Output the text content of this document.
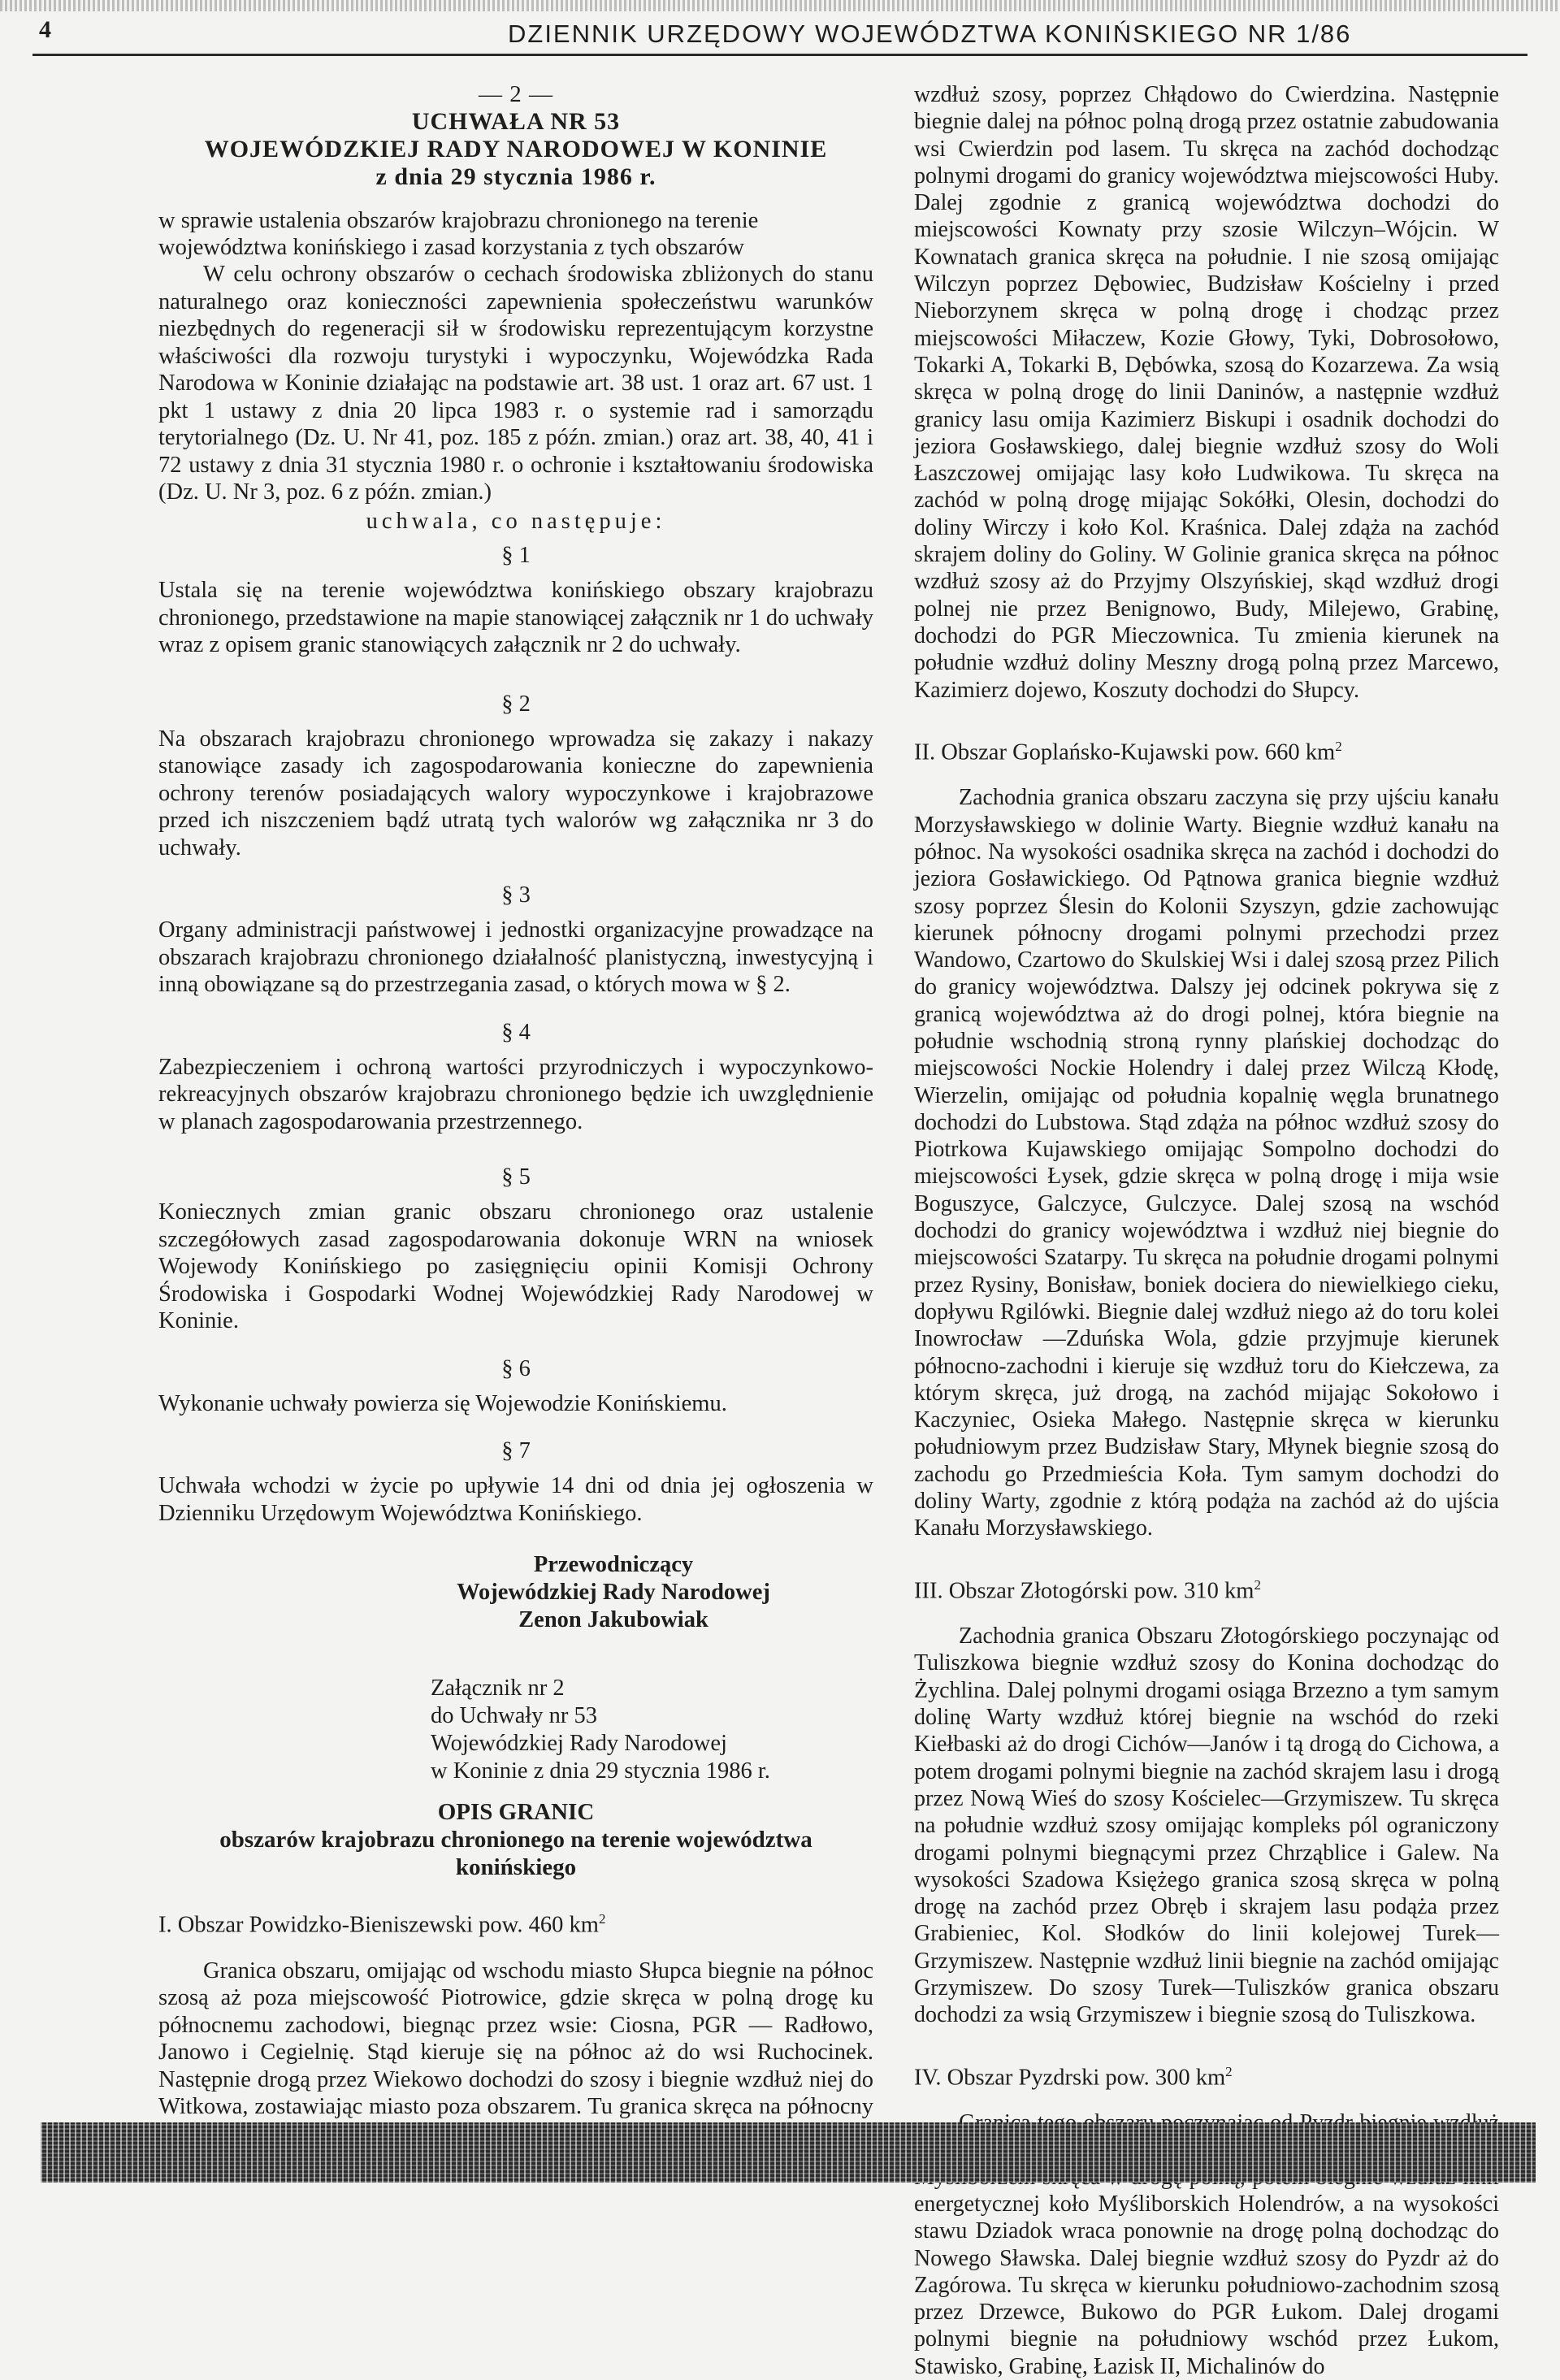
4	DZIENNIK URZĘDOWY WOJEWÓDZTWA KONIŃSKIEGO NR 1/86

— 2 —

UCHWAŁA NR 53
WOJEWÓDZKIEJ RADY NARODOWEJ W KONINIE
z dnia 29 stycznia 1986 r.

w sprawie ustalenia obszarów krajobrazu chronionego na terenie województwa konińskiego i zasad korzystania z tych obszarów

W celu ochrony obszarów o cechach środowiska zbliżonych do stanu naturalnego oraz konieczności zapewnienia społeczeństwu warunków niezbędnych do regeneracji sił w środowisku reprezentującym korzystne właściwości dla rozwoju turystyki i wypoczynku, Wojewódzka Rada Narodowa w Koninie działając na podstawie art. 38 ust. 1 oraz art. 67 ust. 1 pkt 1 ustawy z dnia 20 lipca 1983 r. o systemie rad i samorządu terytorialnego (Dz. U. Nr 41, poz. 185 z późn. zmian.) oraz art. 38, 40, 41 i 72 ustawy z dnia 31 stycznia 1980 r. o ochronie i kształtowaniu środowiska (Dz. U. Nr 3, poz. 6 z późn. zmian.)

uchwala, co następuje:

§ 1

Ustala się na terenie województwa konińskiego obszary krajobrazu chronionego, przedstawione na mapie stanowiącej załącznik nr 1 do uchwały wraz z opisem granic stanowiących załącznik nr 2 do uchwały.

§ 2

Na obszarach krajobrazu chronionego wprowadza się zakazy i nakazy stanowiące zasady ich zagospodarowania konieczne do zapewnienia ochrony terenów posiadających walory wypoczynkowe i krajobrazowe przed ich niszczeniem bądź utratą tych walorów wg załącznika nr 3 do uchwały.

§ 3

Organy administracji państwowej i jednostki organizacyjne prowadzące na obszarach krajobrazu chronionego działalność planistyczną, inwestycyjną i inną obowiązane są do przestrzegania zasad, o których mowa w § 2.

§ 4

Zabezpieczeniem i ochroną wartości przyrodniczych i wypoczynkowo-rekreacyjnych obszarów krajobrazu chronionego będzie ich uwzględnienie w planach zagospodarowania przestrzennego.

§ 5

Koniecznych zmian granic obszaru chronionego oraz ustalenie szczegółowych zasad zagospodarowania dokonuje WRN na wniosek Wojewody Konińskiego po zasięgnięciu opinii Komisji Ochrony Środowiska i Gospodarki Wodnej Wojewódzkiej Rady Narodowej w Koninie.

§ 6

Wykonanie uchwały powierza się Wojewodzie Konińskiemu.

§ 7

Uchwała wchodzi w życie po upływie 14 dni od dnia jej ogłoszenia w Dzienniku Urzędowym Województwa Konińskiego.

Przewodniczący
Wojewódzkiej Rady Narodowej
Zenon Jakubowiak
Załącznik nr 2
do Uchwały nr 53
Wojewódzkiej Rady Narodowej
w Koninie z dnia 29 stycznia 1986 r.
OPIS GRANIC
obszarów krajobrazu chronionego na terenie województwa konińskiego

I. Obszar Powidzko-Bieniszewski pow. 460 $km^2$

Granica obszaru, omijając od wschodu miasto Słupca biegnie na północ szosą aż poza miejscowość Piotrowice, gdzie skręca w polną drogę ku północnemu zachodowi, biegnąc przez wsie: Ciosna, PGR — Radłowo, Janowo i Cegielnię. Stąd kieruje się na północ aż do wsi Ruchocinek. Następnie drogą przez Wiekowo dochodzi do szosy i biegnie wzdłuż niej do Witkowa, zostawiając miasto poza obszarem. Tu granica skręca na północny

wzdłuż szosy, poprzez Chłądowo do Cwierdzina. Następnie biegnie dalej na północ polną drogą przez ostatnie zabudowania wsi Cwierdzin pod lasem. Tu skręca na zachód dochodząc polnymi drogami do granicy województwa miejscowości Huby. Dalej zgodnie z granicą województwa dochodzi do miejscowości Kownaty przy szosie Wilczyn–Wójcin. W Kownatach granica skręca na południe. I nie szosą omijając Wilczyn poprzez Dębowiec, Budzisław Kościelny i przed Nieborzynem skręca w polną drogę i chodząc przez miejscowości Miłaczew, Kozie Głowy, Tyki, Dobrosołowo, Tokarki A, Tokarki B, Dębówka, szosą do Kozarzewa. Za wsią skręca w polną drogę do linii Daninów, a następnie wzdłuż granicy lasu omija Kazimierz Biskupi i osadnik dochodzi do jeziora Gosławskiego, dalej biegnie wzdłuż szosy do Woli Łaszczowej omijając lasy koło Ludwikowa. Tu skręca na zachód w polną drogę mijając Sokółki, Olesin, dochodzi do doliny Wirczy i koło Kol. Kraśnica. Dalej zdąża na zachód skrajem doliny do Goliny. W Golinie granica skręca na północ wzdłuż szosy aż do Przyjmy Olszyńskiej, skąd wzdłuż drogi polnej nie przez Benignowo, Budy, Milejewo, Grabinę, dochodzi do PGR Mieczownica. Tu zmienia kierunek na południe wzdłuż doliny Meszny drogą polną przez Marcewo, Kazimierz dojewo, Koszuty dochodzi do Słupcy.

II. Obszar Goplańsko-Kujawski pow. 660 $km^2$

Zachodnia granica obszaru zaczyna się przy ujściu kanału Morzysławskiego w dolinie Warty. Biegnie wzdłuż kanału na północ. Na wysokości osadnika skręca na zachód i dochodzi do jeziora Gosławickiego. Od Pątnowa granica biegnie wzdłuż szosy poprzez Ślesin do Kolonii Szyszyn, gdzie zachowując kierunek północny drogami polnymi przechodzi przez Wandowo, Czartowo do Skulskiej Wsi i dalej szosą przez Pilich do granicy województwa. Dalszy jej odcinek pokrywa się z granicą województwa aż do drogi polnej, która biegnie na południe wschodnią stroną rynny plańskiej dochodząc do miejscowości Nockie Holendry i dalej przez Wilczą Kłodę, Wierzelin, omijając od południa kopalnię węgla brunatnego dochodzi do Lubstowa. Stąd zdąża na północ wzdłuż szosy do Piotrkowa Kujawskiego omijając Sompolno dochodzi do miejscowości Łysek, gdzie skręca w polną drogę i mija wsie Boguszyce, Galczyce, Gulczyce. Dalej szosą na wschód dochodzi do granicy województwa i wzdłuż niej biegnie do miejscowości Szatarpy. Tu skręca na południe drogami polnymi przez Rysiny, Bonisław, boniek dociera do niewielkiego cieku, dopływu Rgilówki. Biegnie dalej wzdłuż niego aż do toru kolei Inowrocław —Zduńska Wola, gdzie przyjmuje kierunek północno-zachodni i kieruje się wzdłuż toru do Kiełczewa, za którym skręca, już drogą, na zachód mijając Sokołowo i Kaczyniec, Osieka Małego. Następnie skręca w kierunku południowym przez Budzisław Stary, Młynek biegnie szosą do zachodu go Przedmieścia Koła. Tym samym dochodzi do doliny Warty, zgodnie z którą podąża na zachód aż do ujścia Kanału Morzysławskiego.

III. Obszar Złotogórski pow. 310 $km^2$

Zachodnia granica Obszaru Złotogórskiego poczynając od Tuliszkowa biegnie wzdłuż szosy do Konina dochodząc do Żychlina. Dalej polnymi drogami osiąga Brzezno a tym samym dolinę Warty wzdłuż której biegnie na wschód do rzeki Kiełbaski aż do drogi Cichów—Janów i tą drogą do Cichowa, a potem drogami polnymi biegnie na zachód skrajem lasu i drogą przez Nową Wieś do szosy Kościelec—Grzymiszew. Tu skręca na południe wzdłuż szosy omijając kompleks pól ograniczony drogami polnymi biegnącymi przez Chrząblice i Galew. Na wysokości Szadowa Księżego granica szosą skręca w polną drogę na zachód przez Obręb i skrajem lasu podąża przez Grabieniec, Kol. Słodków do linii kolejowej Turek—Grzymiszew. Następnie wzdłuż linii biegnie na zachód omijając Grzymiszew. Do szosy Turek—Tuliszków granica obszaru dochodzi za wsią Grzymiszew i biegnie szosą do Tuliszkowa.

IV. Obszar Pyzdrski pow. 300 $km^2$

energetycznej koło Myśliborskich Holendrów, a na wysokości stawu Dziadok wraca ponownie na drogę polną dochodząc do Nowego Sławska. Dalej biegnie wzdłuż szosy do Pyzdr aż do Zagórowa. Tu skręca w kierunku południowo-zachodnim szosą przez Drzewce, Bukowo do PGR Łukom. Dalej drogami polnymi biegnie na południowy wschód przez Łukom, Stawisko, Grabinę, Łazisk II, Michalinów do
